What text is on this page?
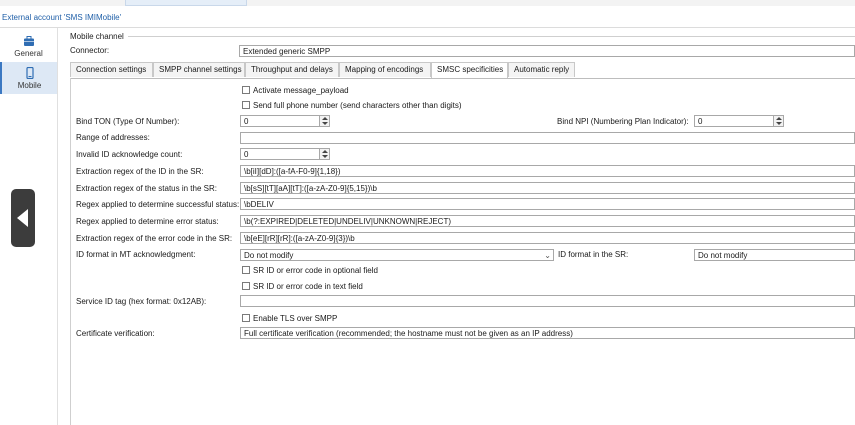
External account 'SMS IMIMobile'
General
Mobile
Mobile channel
Connector:	Extended generic SMPP
Connection settings	SMPP channel settings	Throughput and delays	Mapping of encodings	SMSC specificities	Automatic reply
Activate message_payload
Send full phone number (send characters other than digits)
Bind TON (Type Of Number):	0	Bind NPI (Numbering Plan Indicator):	0
Range of addresses:
Invalid ID acknowledge count:	0
Extraction regex of the ID in the SR:	\b[iI][dD]:([a-fA-F0-9]{1,18})
Extraction regex of the status in the SR:	\b[sS][tT][aA][tT]:([a-zA-Z0-9]{5,15})\b
Regex applied to determine successful status: \bDELIV
Regex applied to determine error status:	\b(?:EXPIRED|DELETED|UNDELIV|UNKNOWN|REJECT)
Extraction regex of the error code in the SR:	\b[eE][rR][rR]:([a-zA-Z0-9]{3})\b
ID format in MT acknowledgment:	Do not modify	⌄ ID format in the SR:	Do not modify
SR ID or error code in optional field
SR ID or error code in text field
Service ID tag (hex format: 0x12AB):
Enable TLS over SMPP
Certificate verification:	Full certificate verification (recommended; the hostname must not be given as an IP address)
